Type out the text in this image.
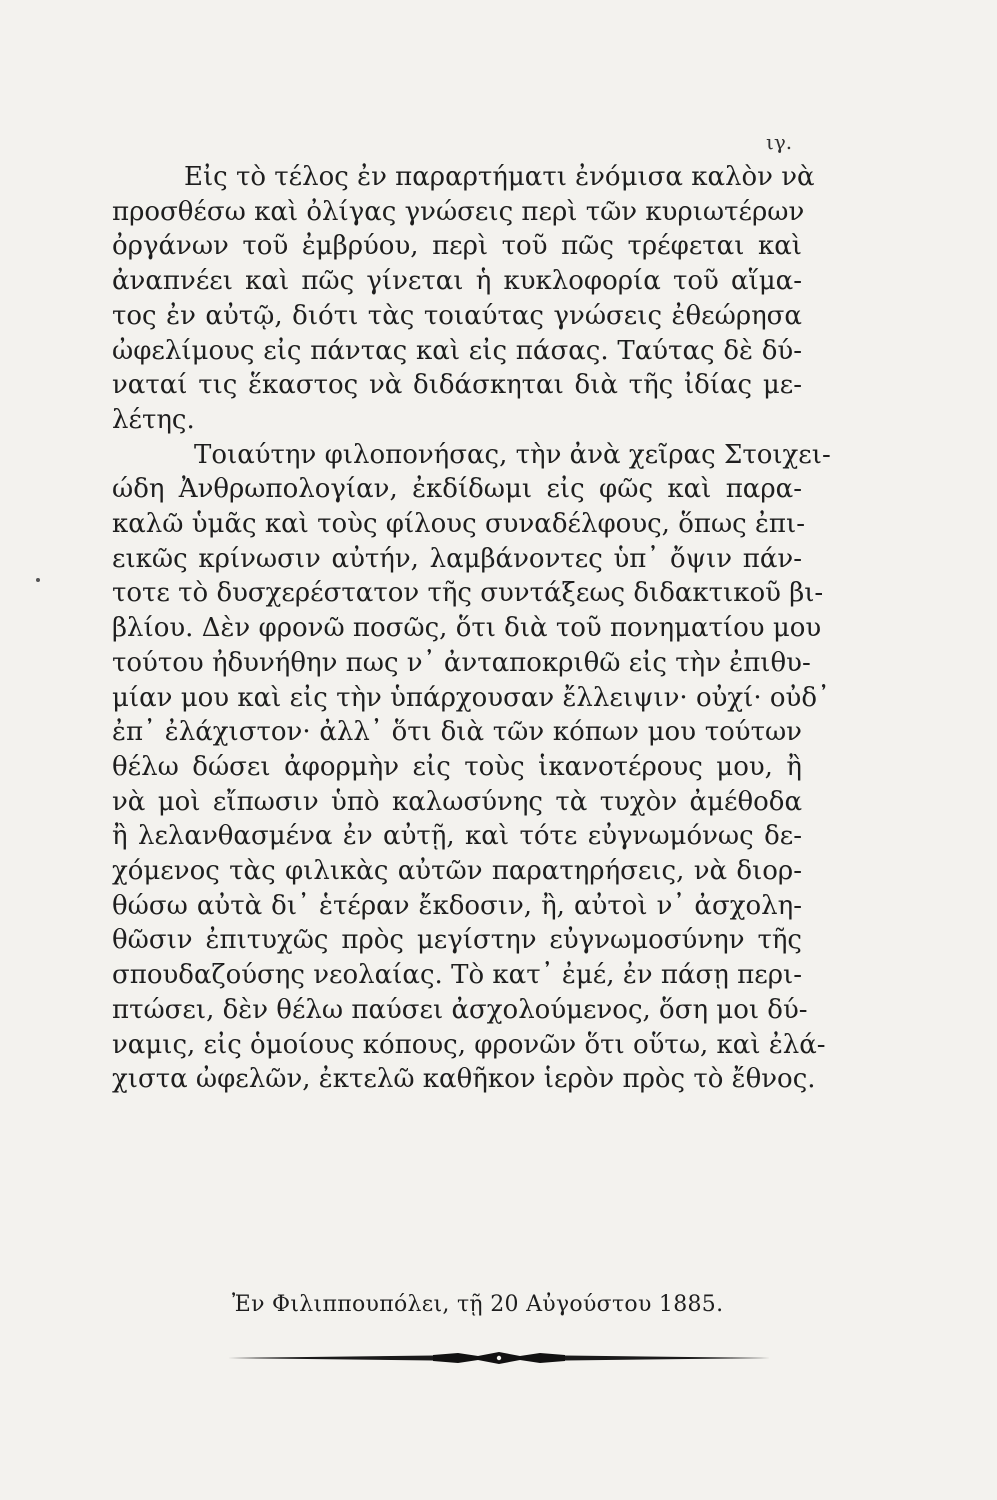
ιγ.
Εἰς τὸ τέλος ἐν παραρτήματι ἐνόμισα καλὸν νὰ
προσθέσω καὶ ὀλίγας γνώσεις περὶ τῶν κυριωτέρων
ὀργάνων τοῦ ἐμβρύου, περὶ τοῦ πῶς τρέφεται καὶ
ἀναπνέει καὶ πῶς γίνεται ἡ κυκλοφορία τοῦ αἵμα-
τος ἐν αὐτῷ, διότι τὰς τοιαύτας γνώσεις ἐθεώρησα
ὠφελίμους εἰς πάντας καὶ εἰς πάσας. Ταύτας δὲ δύ-
ναταί τις ἕκαστος νὰ διδάσκηται διὰ τῆς ἰδίας με-
λέτης.
Τοιαύτην φιλοπονήσας, τὴν ἀνὰ χεῖρας Στοιχει-
ώδη Ἀνθρωπολογίαν, ἐκδίδωμι εἰς φῶς καὶ παρα-
καλῶ ὑμᾶς καὶ τοὺς φίλους συναδέλφους, ὅπως ἐπι-
εικῶς κρίνωσιν αὐτήν, λαμβάνοντες ὑπ᾽ ὄψιν πάν-
τοτε τὸ δυσχερέστατον τῆς συντάξεως διδακτικοῦ βι-
βλίου. Δὲν φρονῶ ποσῶς, ὅτι διὰ τοῦ πονηματίου μου
τούτου ἠδυνήθην πως ν᾽ ἀνταποκριθῶ εἰς τὴν ἐπιθυ-
μίαν μου καὶ εἰς τὴν ὑπάρχουσαν ἔλλειψιν· οὐχί· οὐδ᾽
ἐπ᾽ ἐλάχιστον· ἀλλ᾽ ὅτι διὰ τῶν κόπων μου τούτων
θέλω δώσει ἀφορμὴν εἰς τοὺς ἱκανοτέρους μου, ἢ
νὰ μοὶ εἴπωσιν ὑπὸ καλωσύνης τὰ τυχὸν ἀμέθοδα
ἢ λελανθασμένα ἐν αὐτῇ, καὶ τότε εὐγνωμόνως δε-
χόμενος τὰς φιλικὰς αὐτῶν παρατηρήσεις, νὰ διορ-
θώσω αὐτὰ δι᾽ ἑτέραν ἔκδοσιν, ἢ, αὐτοὶ ν᾽ ἀσχολη-
θῶσιν ἐπιτυχῶς πρὸς μεγίστην εὐγνωμοσύνην τῆς
σπουδαζούσης νεολαίας. Τὸ κατ᾽ ἐμέ, ἐν πάσῃ περι-
πτώσει, δὲν θέλω παύσει ἀσχολούμενος, ὅση μοι δύ-
ναμις, εἰς ὁμοίους κόπους, φρονῶν ὅτι οὕτω, καὶ ἐλά-
χιστα ὠφελῶν, ἐκτελῶ καθῆκον ἱερὸν πρὸς τὸ ἔθνος.
Ἐν Φιλιππουπόλει, τῇ 20 Αὐγούστου 1885.
